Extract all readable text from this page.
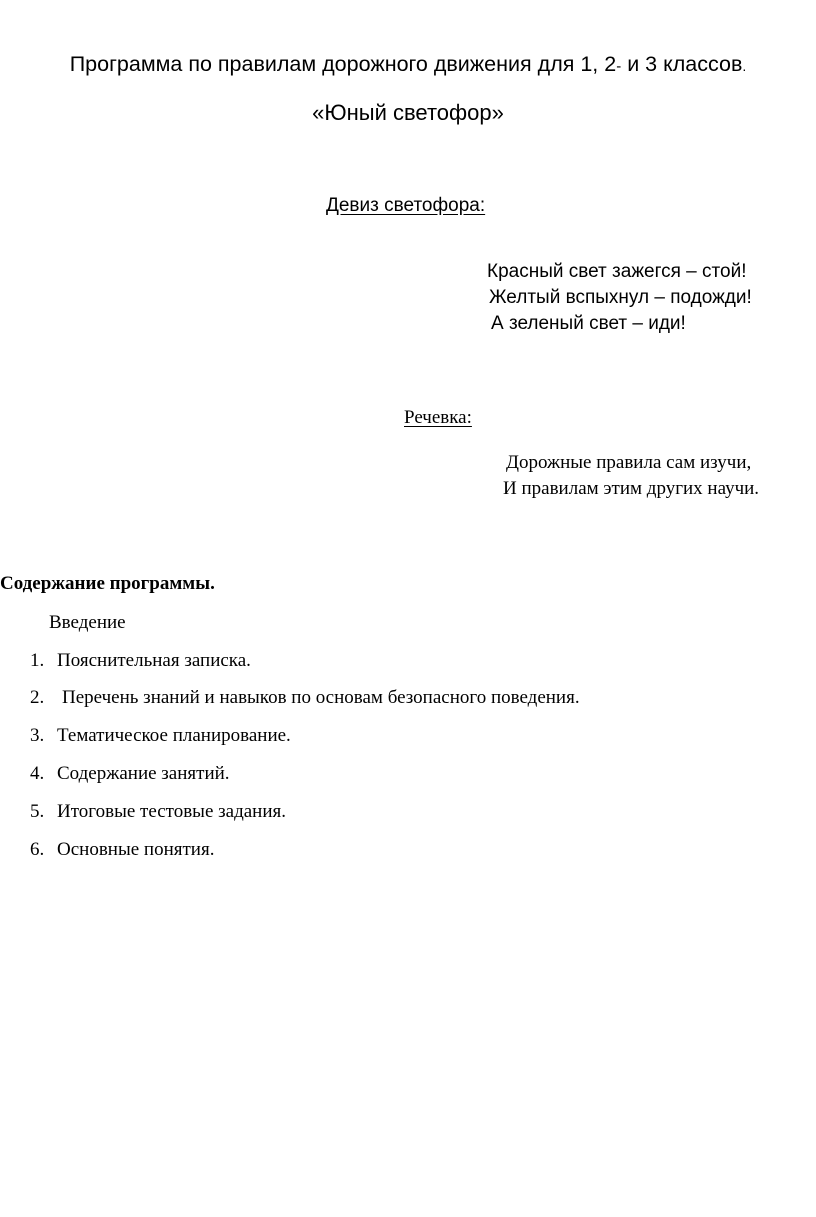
Программа по правилам дорожного движения для 1, 2- и 3 классов.
«Юный светофор»
Девиз светофора:
Красный свет зажегся – стой!
Желтый вспыхнул – подожди!
А зеленый свет – иди!
Речевка:
Дорожные правила сам изучи,
И правилам этим других научи.
Содержание программы.
Введение
1. Пояснительная записка.
2. Перечень знаний и навыков по основам безопасного поведения.
3. Тематическое планирование.
4. Содержание занятий.
5. Итоговые тестовые задания.
6. Основные понятия.
